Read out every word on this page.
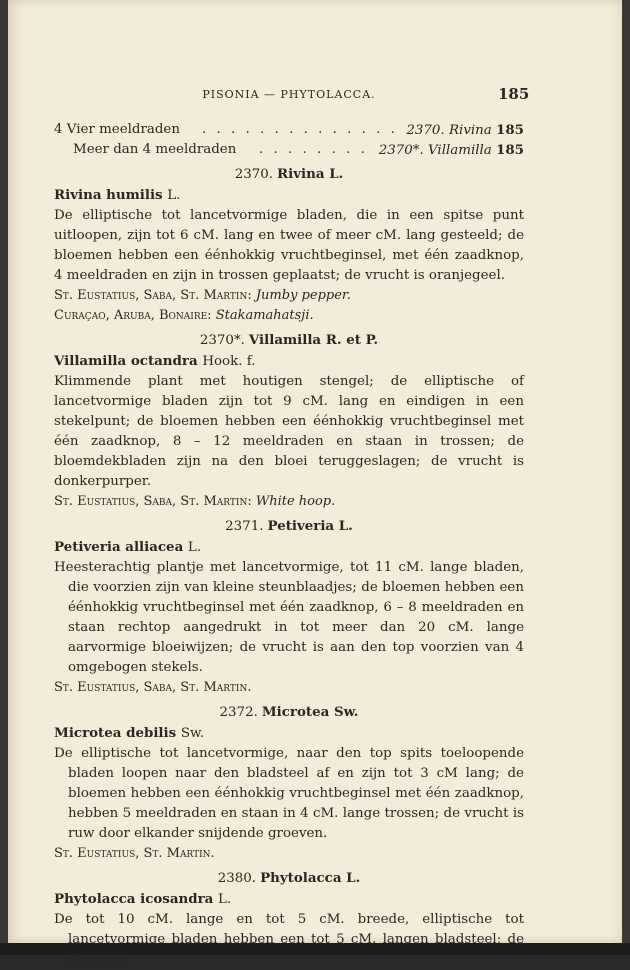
PISONIA — PHYTOLACCA.	185
4 Vier meeldraden . . . . . . . . . . . . . . 2370. Rivina 185
Meer dan 4 meeldraden . . . . . . . . 2370*. Villamilla 185
2370. Rivina L.
Rivina humilis L.
De elliptische tot lancetvormige bladen, die in een spitse punt uitloopen, zijn tot 6 cM. lang en twee of meer cM. lang gesteeld; de bloemen hebben een éénhokkig vruchtbeginsel, met één zaadknop, 4 meeldraden en zijn in trossen geplaatst; de vrucht is oranjegeel.
St. Eustatius, Saba, St. Martin: Jumby pepper.
Curaçao, Aruba, Bonaire: Stakamahatsji.
2370*. Villamilla R. et P.
Villamilla octandra Hook. f.
Klimmende plant met houtigen stengel; de elliptische of lancetvormige bladen zijn tot 9 cM. lang en eindigen in een stekelpunt; de bloemen hebben een éénhokkig vruchtbeginsel met één zaadknop, 8 – 12 meeldraden en staan in trossen; de bloemdekbladen zijn na den bloei teruggeslagen; de vrucht is donkerpurper.
St. Eustatius, Saba, St. Martin: White hoop.
2371. Petiveria L.
Petiveria alliacea L.
Heesterachtig plantje met lancetvormige, tot 11 cM. lange bladen, die voorzien zijn van kleine steunblaadjes; de bloemen hebben een éénhokkig vruchtbeginsel met één zaadknop, 6 – 8 meeldraden en staan rechtop aangedrukt in tot meer dan 20 cM. lange aarvormige bloeiwijzen; de vrucht is aan den top voorzien van 4 omgebogen stekels.
St. Eustatius, Saba, St. Martin.
2372. Microtea Sw.
Microtea debilis Sw.
De elliptische tot lancetvormige, naar den top spits toeloopende bladen loopen naar den bladsteel af en zijn tot 3 cM lang; de bloemen hebben een éénhokkig vruchtbeginsel met één zaadknop, hebben 5 meeldraden en staan in 4 cM. lange trossen; de vrucht is ruw door elkander snijdende groeven.
St. Eustatius, St. Martin.
2380. Phytolacca L.
Phytolacca icosandra L.
De tot 10 cM. lange en tot 5 cM. breede, elliptische tot lancetvormige bladen hebben een tot 5 cM. langen bladsteel; de bloemen
